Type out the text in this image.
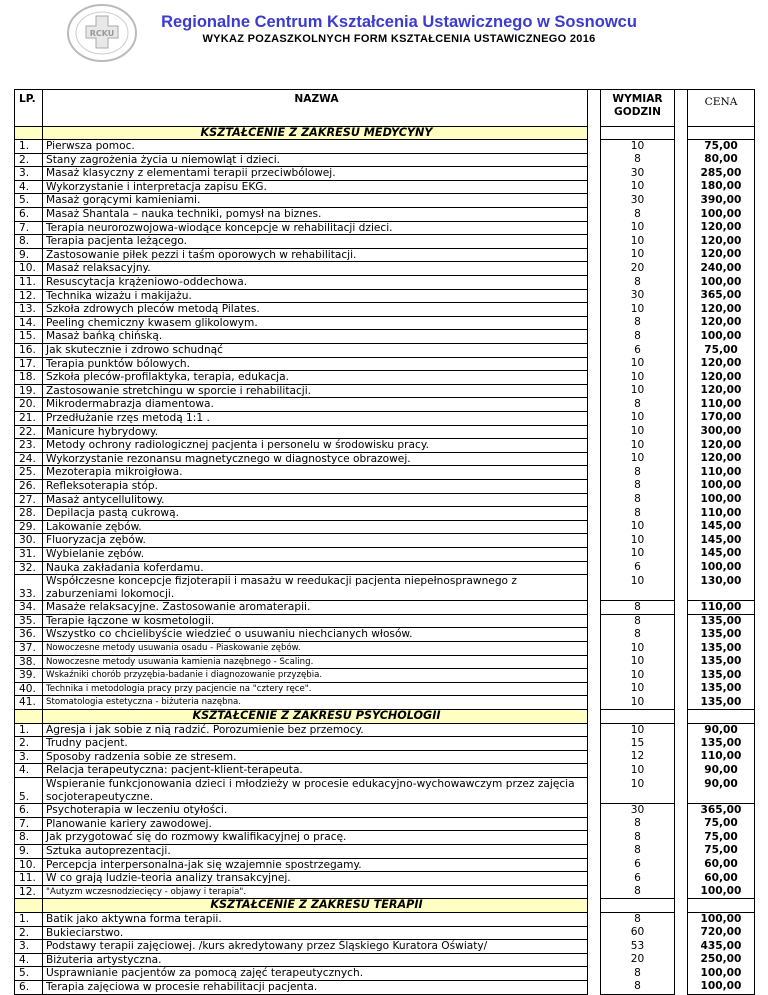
RCKU
Regionalne Centrum Kształcenia Ustawicznego w Sosnowcu
WYKAZ POZASZKOLNYCH FORM KSZTAŁCENIA USTAWICZNEGO 2016
LP.	NAZWA		WYMIAR GODZIN		CENA
	KSZTAŁCENIE Z ZAKRESU MEDYCYNY				
1.	Pierwsza pomoc.		10		75,00
2.	Stany zagrożenia życia u niemowląt i dzieci.		8		80,00
3.	Masaż klasyczny z elementami terapii przeciwbólowej.		30		285,00
4.	Wykorzystanie i interpretacja zapisu EKG.		10		180,00
5.	Masaż gorącymi kamieniami.		30		390,00
6.	Masaż Shantala – nauka techniki, pomysł na biznes.		8		100,00
7.	Terapia neurorozwojowa-wiodące koncepcje w rehabilitacji dzieci.		10		120,00
8.	Terapia pacjenta leżącego.		10		120,00
9.	Zastosowanie piłek pezzi i taśm oporowych w rehabilitacji.		10		120,00
10.	Masaż relaksacyjny.		20		240,00
11.	Resuscytacja krążeniowo-oddechowa.		8		100,00
12.	Technika wizażu i makijażu.		30		365,00
13.	Szkoła zdrowych pleców metodą Pilates.		10		120,00
14.	Peeling chemiczny kwasem glikolowym.		8		120,00
15.	Masaż bańką chińską.		8		100,00
16.	Jak skutecznie i zdrowo schudnąć		6		75,00
17.	Terapia punktów bólowych.		10		120,00
18.	Szkoła pleców-profilaktyka, terapia, edukacja.		10		120,00
19.	Zastosowanie stretchingu w sporcie i rehabilitacji.		10		120,00
20.	Mikrodermabrazja diamentowa.		8		110,00
21.	Przedłużanie rzęs metodą 1:1 .		10		170,00
22.	Manicure hybrydowy.		10		300,00
23.	Metody ochrony radiologicznej pacjenta i personelu w środowisku pracy.		10		120,00
24.	Wykorzystanie rezonansu magnetycznego w diagnostyce obrazowej.		10		120,00
25.	Mezoterapia mikroigłowa.		8		110,00
26.	Refleksoterapia stóp.		8		100,00
27.	Masaż antycellulitowy.		8		100,00
28.	Depilacja pastą cukrową.		8		110,00
29.	Lakowanie zębów.		10		145,00
30.	Fluoryzacja zębów.		10		145,00
31.	Wybielanie zębów.		10		145,00
32.	Nauka zakładania koferdamu.		6		100,00
33.	Współczesne koncepcje fizjoterapii i masażu w reedukacji pacjenta niepełnosprawnego z zaburzeniami lokomocji.		10		130,00
34.	Masaże relaksacyjne. Zastosowanie aromaterapii.		8		110,00
35.	Terapie łączone w kosmetologii.		8		135,00
36.	Wszystko co chcielibyście wiedzieć o usuwaniu niechcianych włosów.		8		135,00
37.	Nowoczesne metody usuwania osadu - Piaskowanie zębów.		10		135,00
38.	Nowoczesne metody usuwania kamienia nazębnego - Scaling.		10		135,00
39.	Wskaźniki chorób przyzębia-badanie i diagnozowanie przyzębia.		10		135,00
40.	Technika i metodologia pracy przy pacjencie na "cztery ręce".		10		135,00
41.	Stomatologia estetyczna - biżuteria nazębna.		10		135,00
	KSZTAŁCENIE Z ZAKRESU PSYCHOLOGII				
1.	Agresja i jak sobie z nią radzić. Porozumienie bez przemocy.		10		90,00
2.	Trudny pacjent.		15		135,00
3.	Sposoby radzenia sobie ze stresem.		12		110,00
4.	Relacja terapeutyczna: pacjent-klient-terapeuta.		10		90,00
5.	Wspieranie funkcjonowania dzieci i młodzieży w procesie edukacyjno-wychowawczym przez zajęcia socjoterapeutyczne.		10		90,00
6.	Psychoterapia w leczeniu otyłości.		30		365,00
7.	Planowanie kariery zawodowej.		8		75,00
8.	Jak przygotować się do rozmowy kwalifikacyjnej o pracę.		8		75,00
9.	Sztuka autoprezentacji.		8		75,00
10.	Percepcja interpersonalna-jak się wzajemnie spostrzegamy.		6		60,00
11.	W co grają ludzie-teoria analizy transakcyjnej.		6		60,00
12.	"Autyzm wczesnodziecięcy - objawy i terapia".		8		100,00
	KSZTAŁCENIE Z ZAKRESU TERAPII				
1.	Batik jako aktywna forma terapii.		8		100,00
2.	Bukieciarstwo.		60		720,00
3.	Podstawy terapii zajęciowej. /kurs akredytowany przez Śląskiego Kuratora Oświaty/		53		435,00
4.	Biżuteria artystyczna.		20		250,00
5.	Usprawnianie pacjentów za pomocą zajęć terapeutycznych.		8		100,00
6.	Terapia zajęciowa w procesie rehabilitacji pacjenta.		8		100,00
